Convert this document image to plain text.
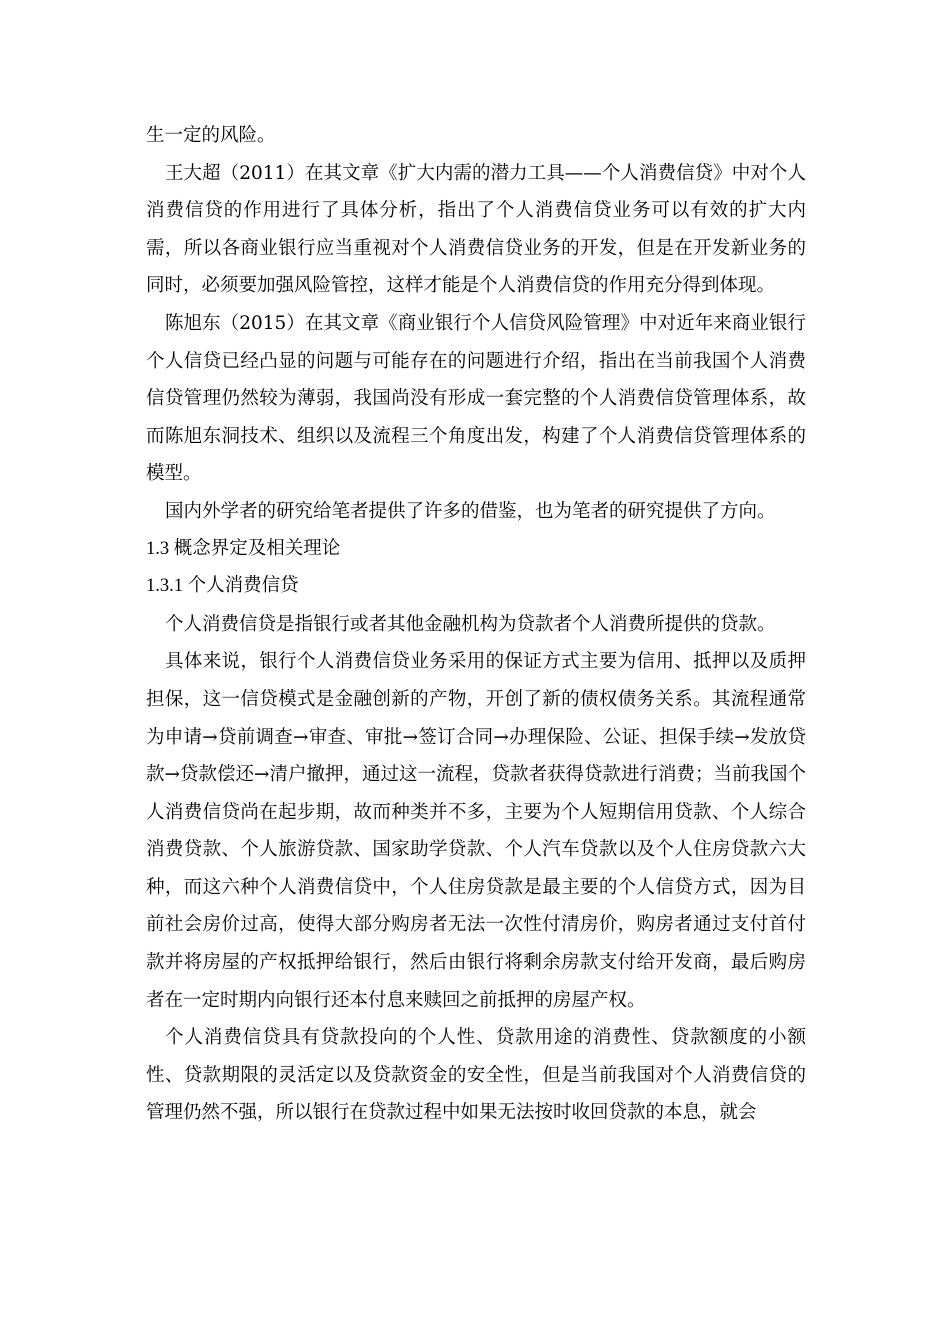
生一定的风险。

王大超（2011）在其文章《扩大内需的潜力工具——个人消费信贷》中对个人消费信贷的作用进行了具体分析，指出了个人消费信贷业务可以有效的扩大内需，所以各商业银行应当重视对个人消费信贷业务的开发，但是在开发新业务的同时，必须要加强风险管控，这样才能是个人消费信贷的作用充分得到体现。

陈旭东（2015）在其文章《商业银行个人信贷风险管理》中对近年来商业银行个人信贷已经凸显的问题与可能存在的问题进行介绍，指出在当前我国个人消费信贷管理仍然较为薄弱，我国尚没有形成一套完整的个人消费信贷管理体系，故而陈旭东洞技术、组织以及流程三个角度出发，构建了个人消费信贷管理体系的模型。

国内外学者的研究给笔者提供了许多的借鉴，也为笔者的研究提供了方向。

1.3 概念界定及相关理论
1.3.1 个人消费信贷

个人消费信贷是指银行或者其他金融机构为贷款者个人消费所提供的贷款。

具体来说，银行个人消费信贷业务采用的保证方式主要为信用、抵押以及质押担保，这一信贷模式是金融创新的产物，开创了新的债权债务关系。其流程通常为申请→贷前调查→审查、审批→签订合同→办理保险、公证、担保手续→发放贷款→贷款偿还→清户撤押，通过这一流程，贷款者获得贷款进行消费；当前我国个人消费信贷尚在起步期，故而种类并不多，主要为个人短期信用贷款、个人综合消费贷款、个人旅游贷款、国家助学贷款、个人汽车贷款以及个人住房贷款六大种，而这六种个人消费信贷中，个人住房贷款是最主要的个人信贷方式，因为目前社会房价过高，使得大部分购房者无法一次性付清房价，购房者通过支付首付款并将房屋的产权抵押给银行，然后由银行将剩余房款支付给开发商，最后购房者在一定时期内向银行还本付息来赎回之前抵押的房屋产权。

个人消费信贷具有贷款投向的个人性、贷款用途的消费性、贷款额度的小额性、贷款期限的灵活定以及贷款资金的安全性，但是当前我国对个人消费信贷的管理仍然不强，所以银行在贷款过程中如果无法按时收回贷款的本息，就会
